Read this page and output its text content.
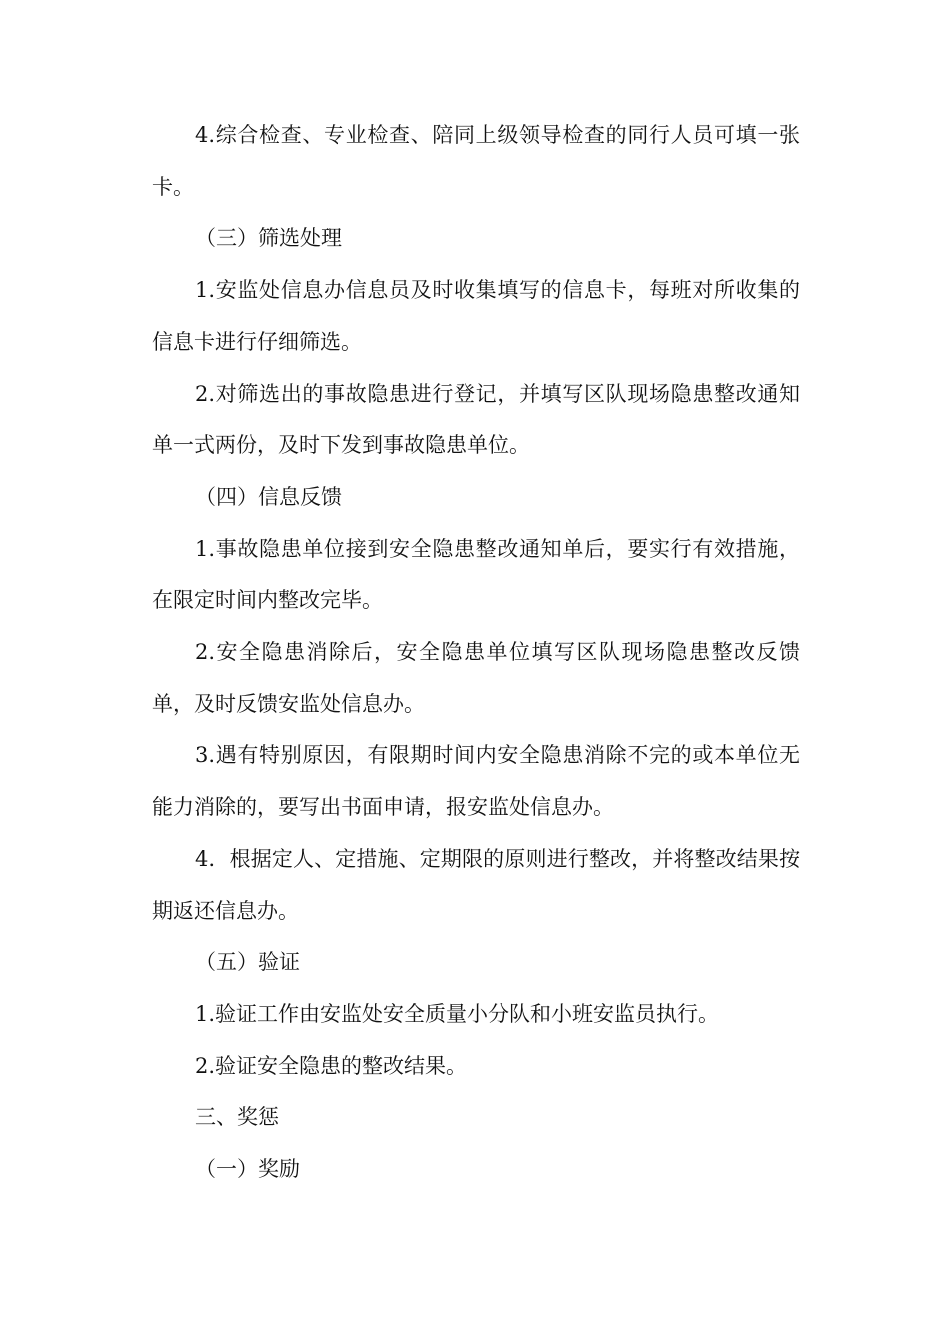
4.综合检查、专业检查、陪同上级领导检查的同行人员可填一张卡。

（三）筛选处理

1.安监处信息办信息员及时收集填写的信息卡，每班对所收集的信息卡进行仔细筛选。

2.对筛选出的事故隐患进行登记，并填写区队现场隐患整改通知单一式两份，及时下发到事故隐患单位。

（四）信息反馈

1.事故隐患单位接到安全隐患整改通知单后，要实行有效措施，在限定时间内整改完毕。

2.安全隐患消除后，安全隐患单位填写区队现场隐患整改反馈单，及时反馈安监处信息办。

3.遇有特别原因，有限期时间内安全隐患消除不完的或本单位无能力消除的，要写出书面申请，报安监处信息办。

4．根据定人、定措施、定期限的原则进行整改，并将整改结果按期返还信息办。

（五）验证

1.验证工作由安监处安全质量小分队和小班安监员执行。

2.验证安全隐患的整改结果。

三、奖惩

（一）奖励
